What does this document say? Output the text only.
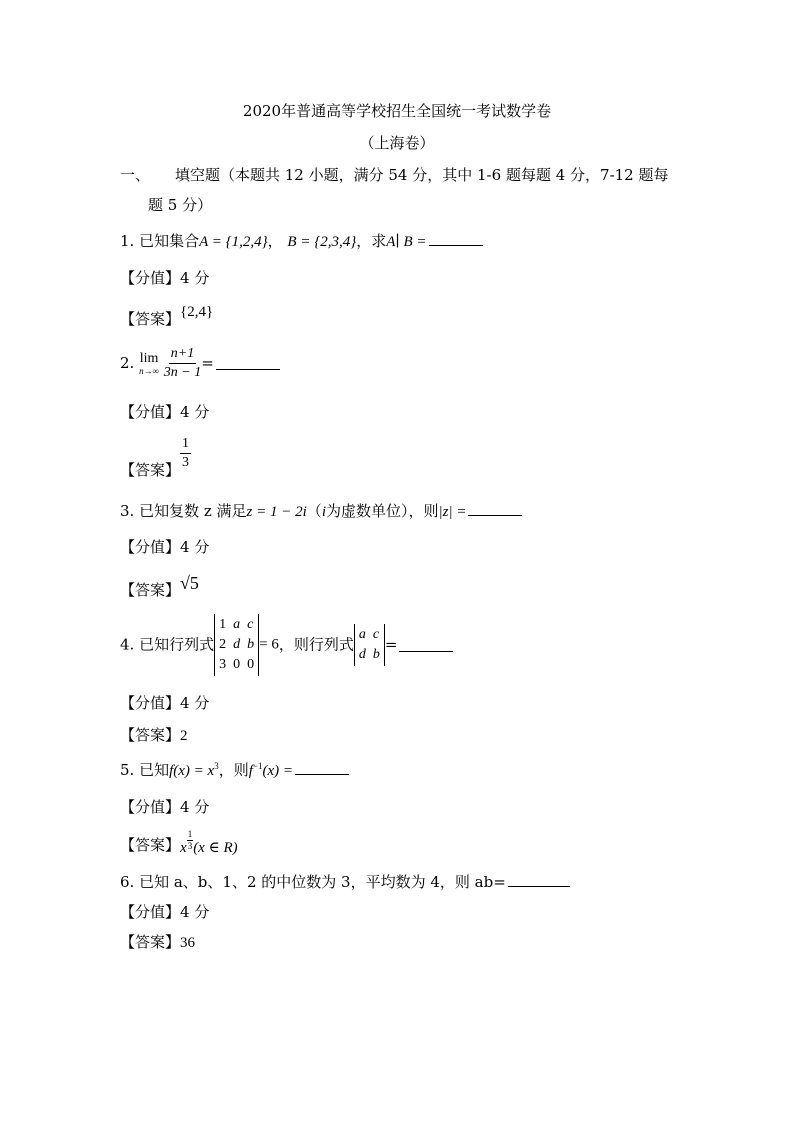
2020年普通高等学校招生全国统一考试数学卷
（上海卷）
一、 填空题（本题共 12 小题，满分 54 分，其中 1-6 题每题 4 分，7-12 题每
题 5 分）
1. 已知集合A = {1,2,4}， B = {2,3,4}，求A∣ B =
【分值】4 分
【答案】{2,4}
2. lim
n→∞
$\frac{n+1}{3n - 1}$ =
【分值】4 分
【答案】 $\frac{1}{3}$
3. 已知复数 z 满足z = 1 − 2i（i为虚数单位），则|z| =
【分值】4 分
【答案】√5
4. 已知行列式
1	a	c
2	d	b
3	0	0
= 6，则行列式
a	c
d	b
=
【分值】4 分
【答案】2
5. 已知$f(x) = x^3$，则$f^{-1}(x)$ =
【分值】4 分
【答案】x $\frac{1}{3} (x$ ∈ R)
6. 已知 a、b、1、2 的中位数为 3，平均数为 4，则 ab=
【分值】4 分
【答案】36
